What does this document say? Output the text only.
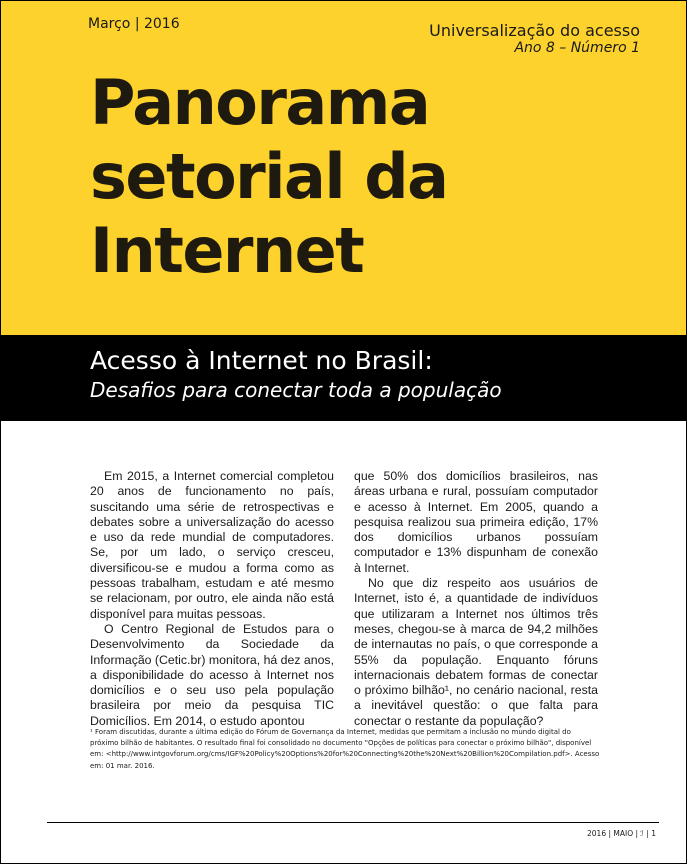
Março | 2016	Universalização do acesso
Ano 8 – Número 1
Panorama
setorial da
Internet
Acesso à Internet no Brasil:
Desafios para conectar toda a população

Em 2015, a Internet comercial completou 20 anos de funcionamento no país, suscitando uma série de retrospectivas e debates sobre a universalização do acesso e uso da rede mundial de computadores. Se, por um lado, o serviço cresceu, diversificou-se e mudou a forma como as pessoas trabalham, estudam e até mesmo se relacionam, por outro, ele ainda não está disponível para muitas pessoas.

O Centro Regional de Estudos para o Desenvolvimento da Sociedade da Informação (Cetic.br) monitora, há dez anos, a disponibilidade do acesso à Internet nos domicílios e o seu uso pela população brasileira por meio da pesquisa TIC Domicílios. Em 2014, o estudo apontou

que 50% dos domicílios brasileiros, nas áreas urbana e rural, possuíam computador e acesso à Internet. Em 2005, quando a pesquisa realizou sua primeira edição, 17% dos domicílios urbanos possuíam computador e 13% dispunham de conexão à Internet.

No que diz respeito aos usuários de Internet, isto é, a quantidade de indivíduos que utilizaram a Internet nos últimos três meses, chegou-se à marca de 94,2 milhões de internautas no país, o que corresponde a 55% da população. Enquanto fóruns internacionais debatem formas de conectar o próximo bilhão¹, no cenário nacional, resta a inevitável questão: o que falta para conectar o restante da população?

¹ Foram discutidas, durante a última edição do Fórum de Governança da Internet, medidas que permitam a inclusão no mundo digital do próximo bilhão de habitantes. O resultado final foi consolidado no documento "Opções de políticas para conectar o próximo bilhão", disponível em: <http://www.intgovforum.org/cms/IGF%20Policy%20Options%20for%20Connecting%20the%20Next%20Billion%20Compilation.pdf>. Acesso em: 01 mar. 2016.
2016 | MAIO | ℐ | 1
